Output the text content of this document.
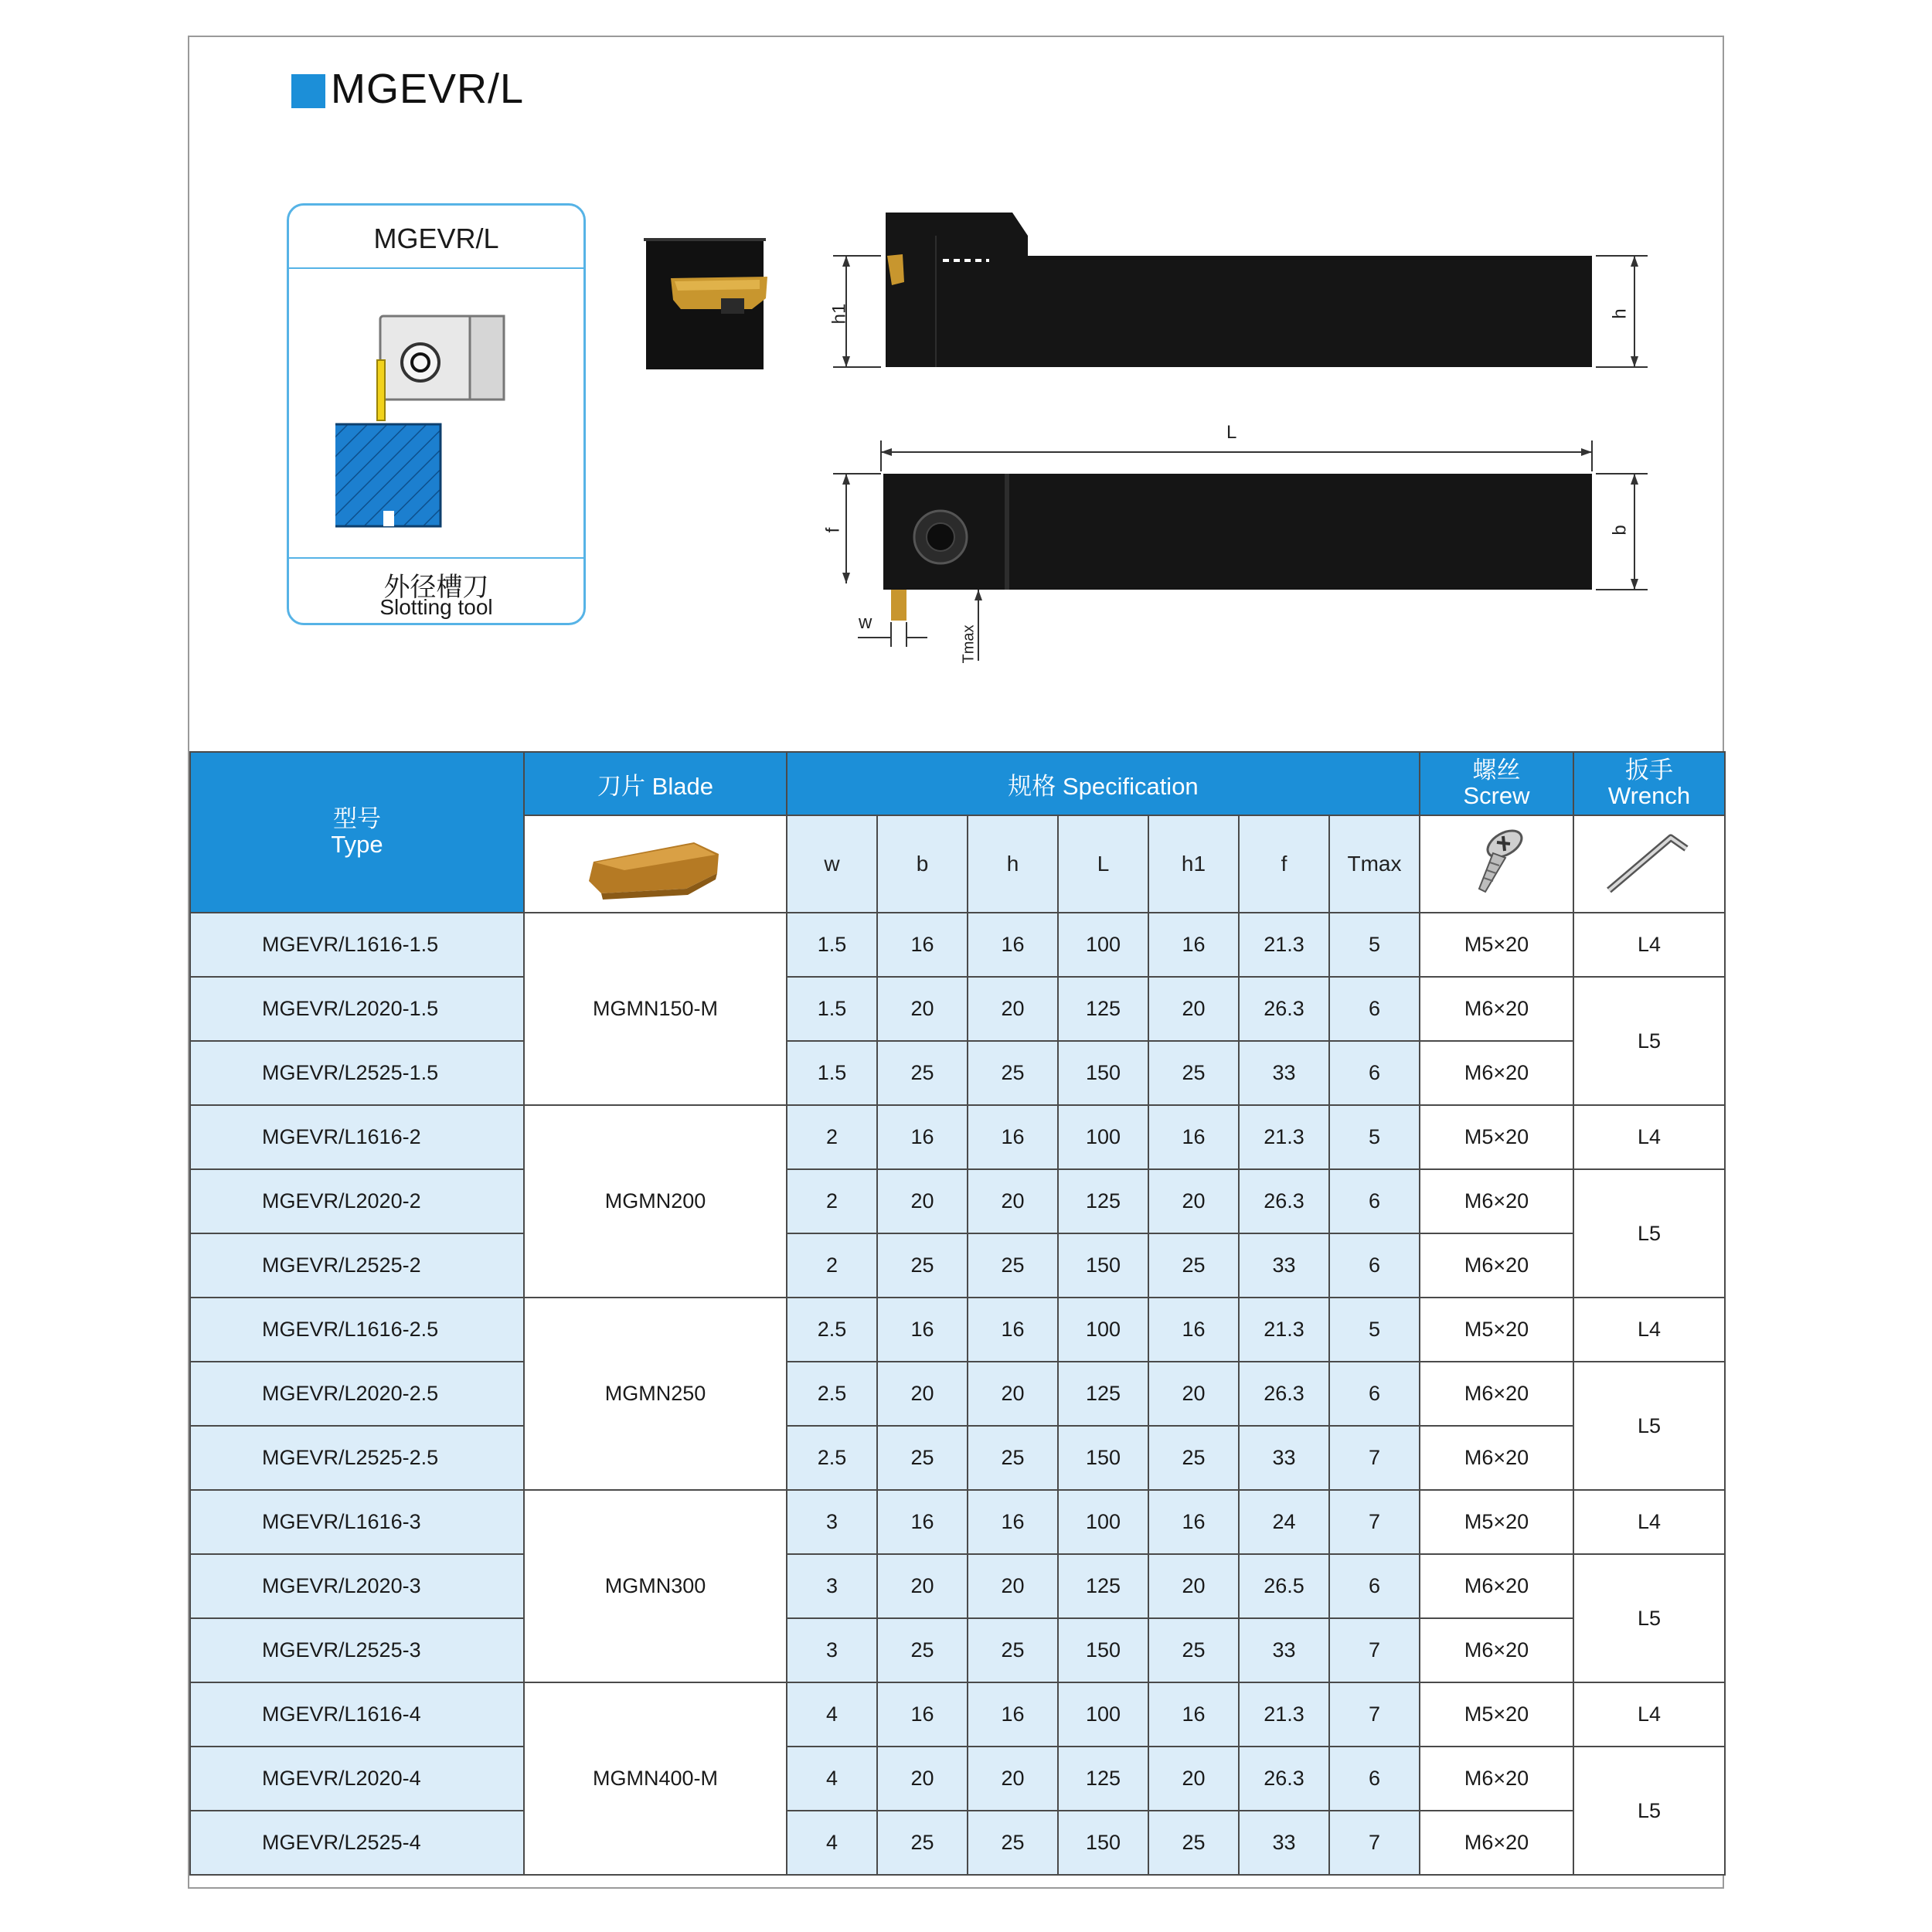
MGEVR/L
MGEVR/L
外径槽刀
Slotting tool
h1	h
L
f	b
w
Tmax
型号
Type	刀片 Blade	规格 Specification							螺丝
Screw	扳手
Wrench

	w	b	h	L	h1	f	Tmax		
MGEVR/L1616-1.5	MGMN150-M	1.5	16	16	100	16	21.3	5	M5×20	L4
MGEVR/L2020-1.5		1.5	20	20	125	20	26.3	6	M6×20	L5
MGEVR/L2525-1.5		1.5	25	25	150	25	33	6	M6×20	
MGEVR/L1616-2	MGMN200	2	16	16	100	16	21.3	5	M5×20	L4
MGEVR/L2020-2		2	20	20	125	20	26.3	6	M6×20	L5
MGEVR/L2525-2		2	25	25	150	25	33	6	M6×20	
MGEVR/L1616-2.5	MGMN250	2.5	16	16	100	16	21.3	5	M5×20	L4
MGEVR/L2020-2.5		2.5	20	20	125	20	26.3	6	M6×20	L5
MGEVR/L2525-2.5		2.5	25	25	150	25	33	7	M6×20	
MGEVR/L1616-3	MGMN300	3	16	16	100	16	24	7	M5×20	L4
MGEVR/L2020-3		3	20	20	125	20	26.5	6	M6×20	L5
MGEVR/L2525-3		3	25	25	150	25	33	7	M6×20	
MGEVR/L1616-4	MGMN400-M	4	16	16	100	16	21.3	7	M5×20	L4
MGEVR/L2020-4		4	20	20	125	20	26.3	6	M6×20	L5
MGEVR/L2525-4		4	25	25	150	25	33	7	M6×20	
